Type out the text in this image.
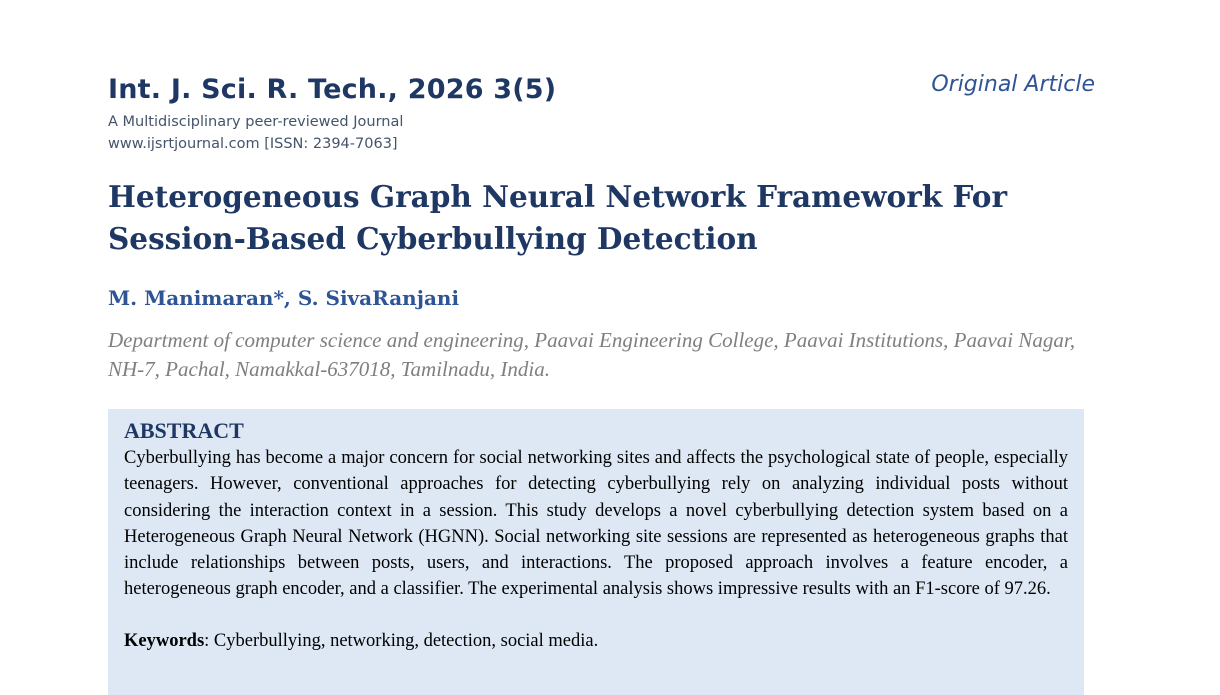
Int. J. Sci. R. Tech., 2026 3(5)	Original Article
A Multidisciplinary peer-reviewed Journal
www.ijsrtjournal.com [ISSN: 2394-7063]
Heterogeneous Graph Neural Network Framework For Session-Based Cyberbullying Detection
M. Manimaran*, S. SivaRanjani
Department of computer science and engineering, Paavai Engineering College, Paavai Institutions, Paavai Nagar, NH-7, Pachal, Namakkal-637018, Tamilnadu, India.
ABSTRACT

Cyberbullying has become a major concern for social networking sites and affects the psychological state of people, especially teenagers. However, conventional approaches for detecting cyberbullying rely on analyzing individual posts without considering the interaction context in a session. This study develops a novel cyberbullying detection system based on a Heterogeneous Graph Neural Network (HGNN). Social networking site sessions are represented as heterogeneous graphs that include relationships between posts, users, and interactions. The proposed approach involves a feature encoder, a heterogeneous graph encoder, and a classifier. The experimental analysis shows impressive results with an F1-score of 97.26.

Keywords: Cyberbullying, networking, detection, social media.
